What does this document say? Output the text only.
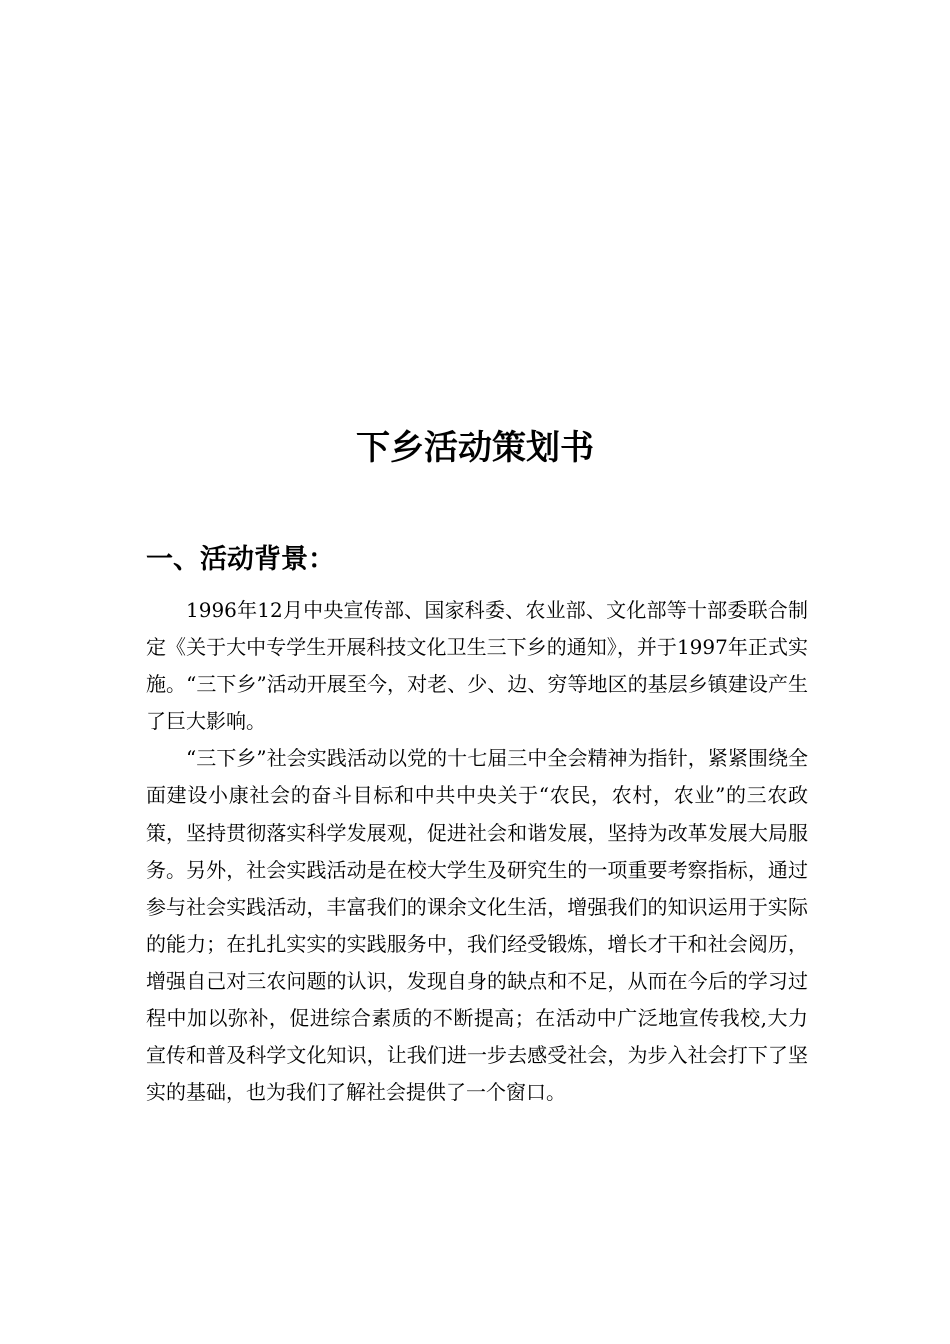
下乡活动策划书
一、活动背景：

1996年12月中央宣传部、国家科委、农业部、文化部等十部委联合制定《关于大中专学生开展科技文化卫生三下乡的通知》，并于1997年正式实施。“三下乡”活动开展至今，对老、少、边、穷等地区的基层乡镇建设产生了巨大影响。

“三下乡”社会实践活动以党的十七届三中全会精神为指针，紧紧围绕全面建设小康社会的奋斗目标和中共中央关于“农民，农村，农业”的三农政策，坚持贯彻落实科学发展观，促进社会和谐发展，坚持为改革发展大局服务。另外，社会实践活动是在校大学生及研究生的一项重要考察指标，通过参与社会实践活动，丰富我们的课余文化生活，增强我们的知识运用于实际的能力；在扎扎实实的实践服务中，我们经受锻炼，增长才干和社会阅历，增强自己对三农问题的认识，发现自身的缺点和不足，从而在今后的学习过程中加以弥补，促进综合素质的不断提高；在活动中广泛地宣传我校,大力宣传和普及科学文化知识，让我们进一步去感受社会，为步入社会打下了坚实的基础，也为我们了解社会提供了一个窗口。
